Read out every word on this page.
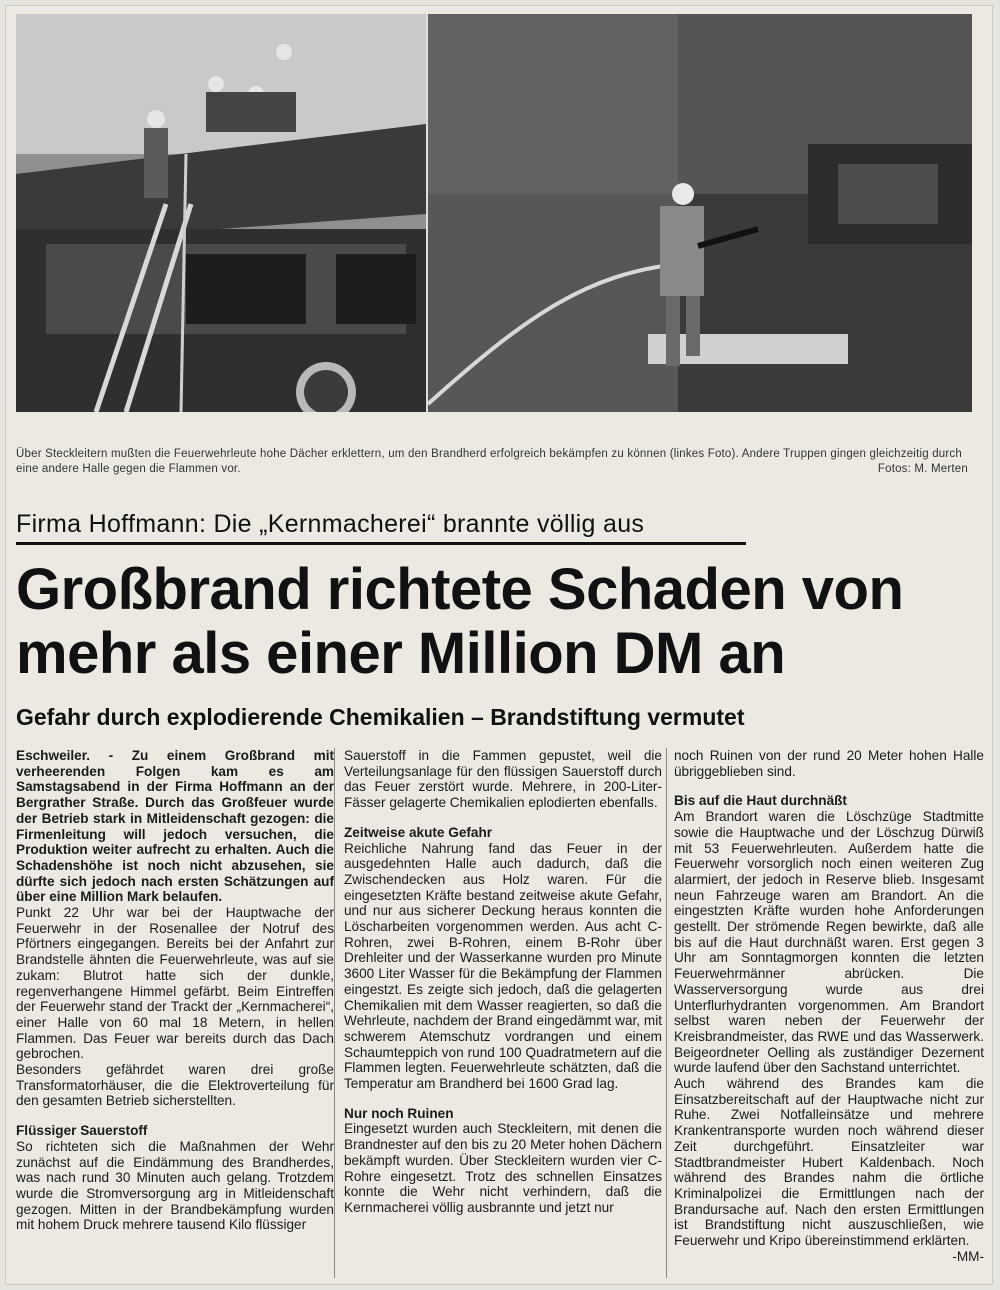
Über Steckleitern mußten die Feuerwehrleute hohe Dächer erklettern, um den Brandherd erfolgreich bekämpfen zu können (linkes Foto). Andere Truppen gingen gleichzeitig durch eine andere Halle gegen die Flammen vor.	Fotos: M. Merten
Firma Hoffmann: Die „Kernmacherei“ brannte völlig aus
Großbrand richtete Schaden von
mehr als einer Million DM an
Gefahr durch explodierende Chemikalien – Brandstiftung vermutet

Eschweiler. - Zu einem Großbrand mit verheerenden Folgen kam es am Samstagsabend in der Firma Hoffmann an der Bergrather Straße. Durch das Großfeuer wurde der Betrieb stark in Mitleidenschaft gezogen: die Firmenleitung will jedoch versuchen, die Produktion weiter aufrecht zu erhalten. Auch die Schadenshöhe ist noch nicht abzusehen, sie dürfte sich jedoch nach ersten Schätzungen auf über eine Million Mark belaufen.

Punkt 22 Uhr war bei der Hauptwache der Feuerwehr in der Rosenallee der Notruf des Pförtners eingegangen. Bereits bei der Anfahrt zur Brandstelle ähnten die Feuerwehrleute, was auf sie zukam: Blutrot hatte sich der dunkle, regenverhangene Himmel gefärbt. Beim Eintreffen der Feuerwehr stand der Trackt der „Kernmacherei“, einer Halle von 60 mal 18 Metern, in hellen Flammen. Das Feuer war bereits durch das Dach gebrochen.

Besonders gefährdet waren drei große Transformatorhäuser, die die Elektroverteilung für den gesamten Betrieb sicherstellten.

Flüssiger Sauerstoff

So richteten sich die Maßnahmen der Wehr zunächst auf die Eindämmung des Brandherdes, was nach rund 30 Minuten auch gelang. Trotzdem wurde die Stromversorgung arg in Mitleidenschaft gezogen. Mitten in der Brandbekämpfung wurden mit hohem Druck mehrere tausend Kilo flüssiger

Sauerstoff in die Fammen gepustet, weil die Verteilungsanlage für den flüssigen Sauerstoff durch das Feuer zerstört wurde. Mehrere, in 200-Liter-Fässer gelagerte Chemikalien eplodierten ebenfalls.

Zeitweise akute Gefahr

Reichliche Nahrung fand das Feuer in der ausgedehnten Halle auch dadurch, daß die Zwischendecken aus Holz waren. Für die eingesetzten Kräfte bestand zeitweise akute Gefahr, und nur aus sicherer Deckung heraus konnten die Löscharbeiten vorgenommen werden. Aus acht C-Rohren, zwei B-Rohren, einem B-Rohr über Drehleiter und der Wasserkanne wurden pro Minute 3600 Liter Wasser für die Bekämpfung der Flammen eingestzt. Es zeigte sich jedoch, daß die gelagerten Chemikalien mit dem Wasser reagierten, so daß die Wehrleute, nachdem der Brand eingedämmt war, mit schwerem Atemschutz vordrangen und einem Schaumteppich von rund 100 Quadratmetern auf die Flammen legten. Feuerwehrleute schätzten, daß die Temperatur am Brandherd bei 1600 Grad lag.

Nur noch Ruinen

Eingesetzt wurden auch Steckleitern, mit denen die Brandnester auf den bis zu 20 Meter hohen Dächern bekämpft wurden. Über Steckleitern wurden vier C-Rohre eingesetzt. Trotz des schnellen Einsatzes konnte die Wehr nicht verhindern, daß die Kernmacherei völlig ausbrannte und jetzt nur

noch Ruinen von der rund 20 Meter hohen Halle übriggeblieben sind.

Bis auf die Haut durchnäßt

Am Brandort waren die Löschzüge Stadtmitte sowie die Hauptwache und der Löschzug Dürwiß mit 53 Feuerwehrleuten. Außerdem hatte die Feuerwehr vorsorglich noch einen weiteren Zug alarmiert, der jedoch in Reserve blieb. Insgesamt neun Fahrzeuge waren am Brandort. An die eingestzten Kräfte wurden hohe Anforderungen gestellt. Der strömende Regen bewirkte, daß alle bis auf die Haut durchnäßt waren. Erst gegen 3 Uhr am Sonntagmorgen konnten die letzten Feuerwehrmänner abrücken. Die Wasserversorgung wurde aus drei Unterflurhydranten vorgenommen. Am Brandort selbst waren neben der Feuerwehr der Kreisbrandmeister, das RWE und das Wasserwerk. Beigeordneter Oelling als zuständiger Dezernent wurde laufend über den Sachstand unterrichtet.

Auch während des Brandes kam die Einsatzbereitschaft auf der Hauptwache nicht zur Ruhe. Zwei Notfalleinsätze und mehrere Krankentransporte wurden noch während dieser Zeit durchgeführt. Einsatzleiter war Stadtbrandmeister Hubert Kaldenbach. Noch während des Brandes nahm die örtliche Kriminalpolizei die Ermittlungen nach der Brandursache auf. Nach den ersten Ermittlungen ist Brandstiftung nicht auszuschließen, wie Feuerwehr und Kripo übereinstimmend erklärten.

-MM-
